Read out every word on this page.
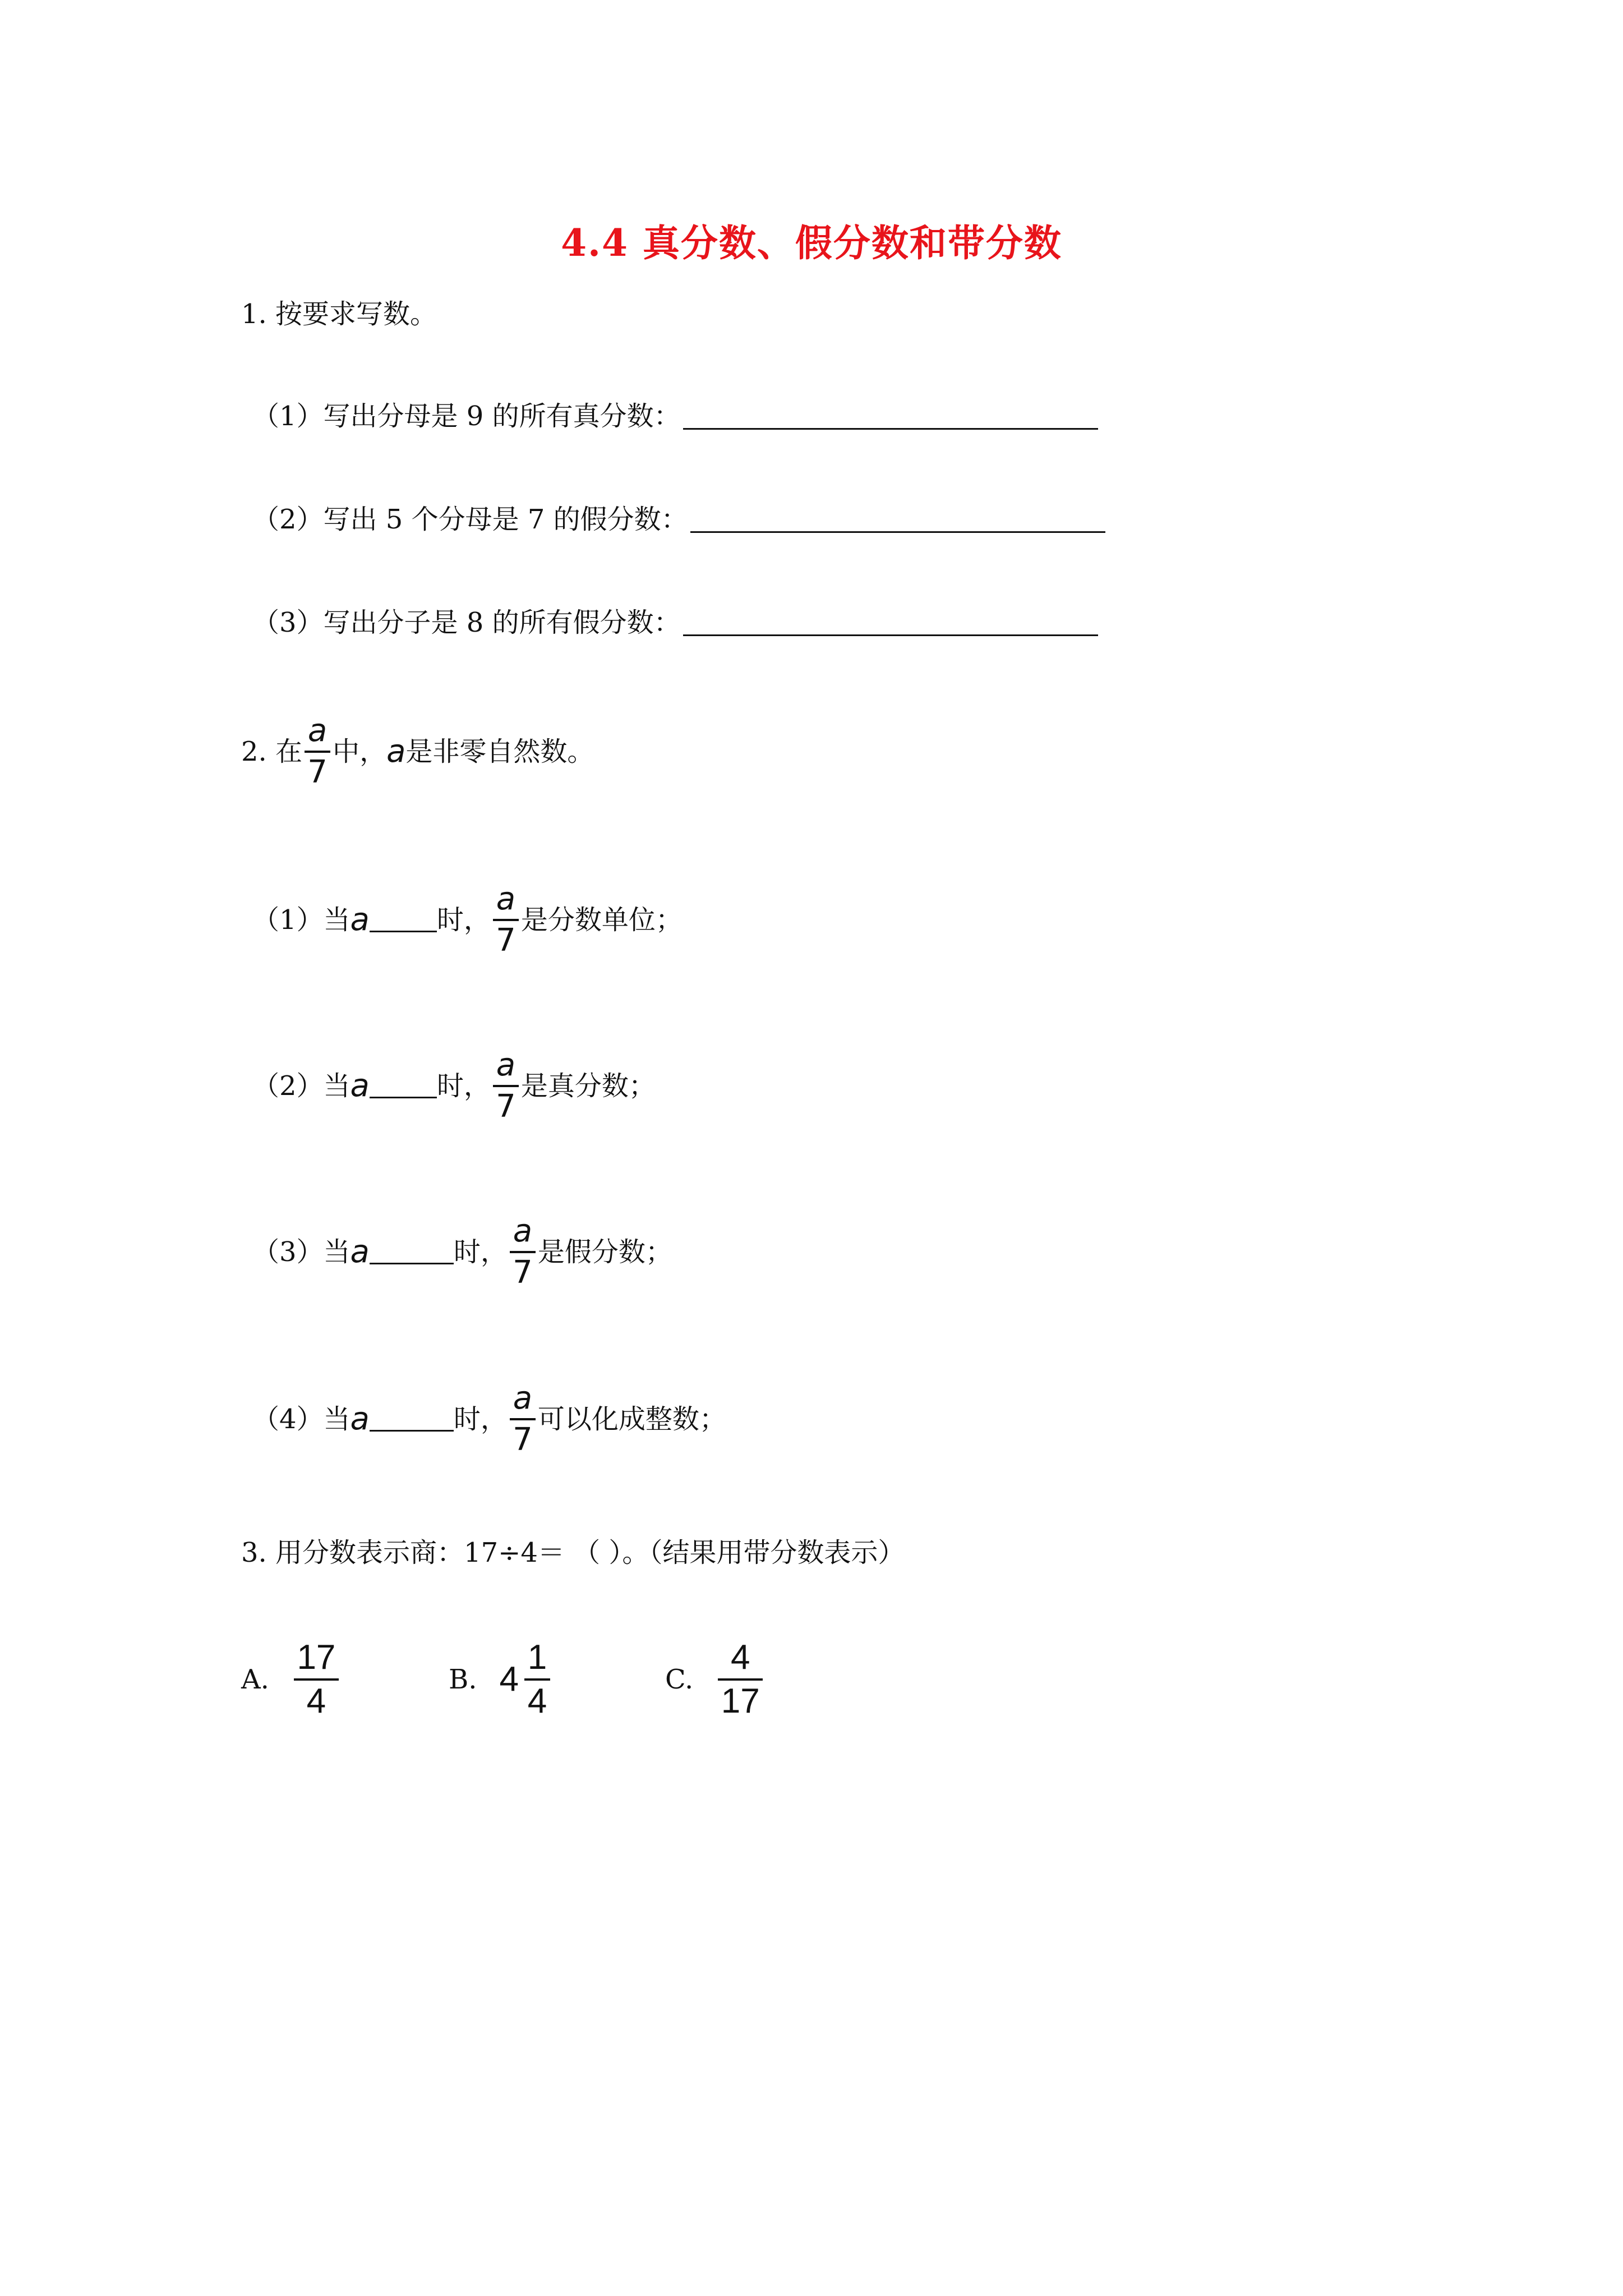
4.4 真分数、假分数和带分数
1. 按要求写数。
（1）写出分母是 9 的所有真分数：
（2）写出 5 个分母是 7 的假分数：
（3）写出分子是 8 的所有假分数：
2. 在 $\frac{a}{7}$ 中， a 是非零自然数。
（1）当 a	时， $\frac{a}{7}$ 是分数单位；
（2）当 a	时， $\frac{a}{7}$ 是真分数；
（3）当 a	时， $\frac{a}{7}$ 是假分数；
（4）当 a	时， $\frac{a}{7}$ 可以化成整数；
3. 用分数表示商：17÷4＝ （ ）。（结果用带分数表示）
A. $\frac{17}{4}$	B. $4 \frac{1}{4}$	C. $\frac{4}{17}$
